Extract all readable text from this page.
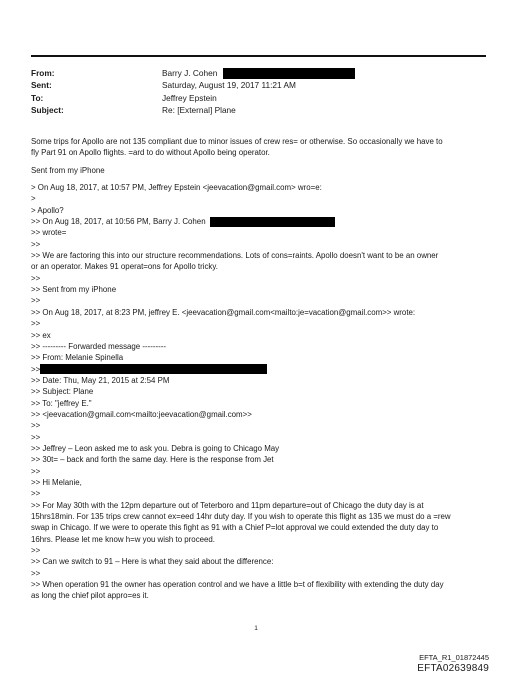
From:	Barry J. Cohen
Sent:	Saturday, August 19, 2017 11:21 AM
To:	Jeffrey Epstein
Subject:	Re: [External] Plane
Some trips for Apollo are not 135 compliant due to minor issues of crew res= or otherwise. So occasionally we have to
fly Part 91 on Apollo flights. =ard to do without Apollo being operator.
Sent from my iPhone
> On Aug 18, 2017, at 10:57 PM, Jeffrey Epstein <jeevacation@gmail.com> wro=e:
>
> Apollo?
>> On Aug 18, 2017, at 10:56 PM, Barry J. Cohen
>> wrote=
>>
>> We are factoring this into our structure recommendations. Lots of cons=raints. Apollo doesn't want to be an owner
or an operator. Makes 91 operat=ons for Apollo tricky.
>>
>> Sent from my iPhone
>>
>> On Aug 18, 2017, at 8:23 PM, jeffrey E. <jeevacation@gmail.com<mailto:je=vacation@gmail.com>> wrote:
>>
>> ex
>> --------- Forwarded message ---------
>> From: Melanie Spinella
>>
>> Date: Thu, May 21, 2015 at 2:54 PM
>> Subject: Plane
>> To: "jeffrey E."
>> <jeevacation@gmail.com<mailto:jeevacation@gmail.com>>
>>
>>
>> Jeffrey – Leon asked me to ask you. Debra is going to Chicago May
>> 30t= – back and forth the same day. Here is the response from Jet
>>
>> Hi Melanie,
>>
>> For May 30th with the 12pm departure out of Teterboro and 11pm departure=out of Chicago the duty day is at
15hrs18min. For 135 trips crew cannot ex=eed 14hr duty day. If you wish to operate this flight as 135 we must do a =rew
swap in Chicago. If we were to operate this fight as 91 with a Chief P=lot approval we could extended the duty day to
16hrs. Please let me know h=w you wish to proceed.
>>
>> Can we switch to 91 – Here is what they said about the difference:
>>
>> When operation 91 the owner has operation control and we have a little b=t of flexibility with extending the duty day
as long the chief pilot appro=es it.
1
EFTA_R1_01872445
EFTA02639849
